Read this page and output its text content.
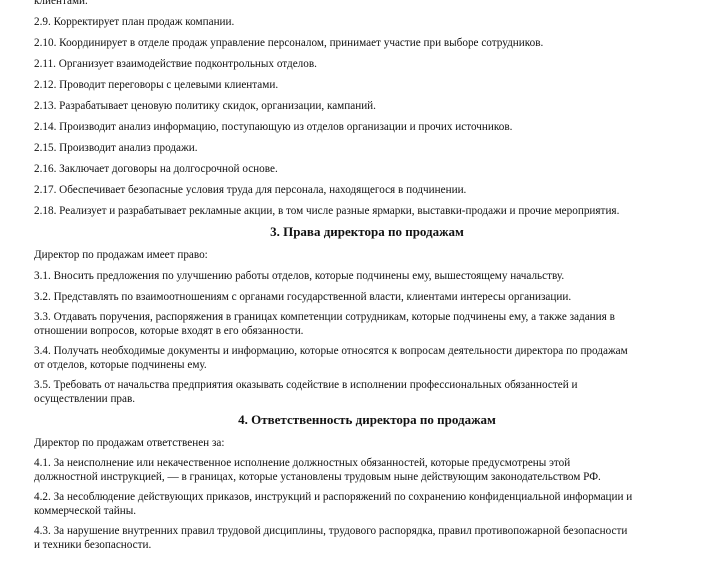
клиентами.
2.9. Корректирует план продаж компании.
2.10. Координирует в отделе продаж управление персоналом, принимает участие при выборе сотрудников.
2.11. Организует взаимодействие подконтрольных отделов.
2.12. Проводит переговоры с целевыми клиентами.
2.13. Разрабатывает ценовую политику скидок, организации, кампаний.
2.14. Производит анализ информацию, поступающую из отделов организации и прочих источников.
2.15. Производит анализ продажи.
2.16. Заключает договоры на долгосрочной основе.
2.17. Обеспечивает безопасные условия труда для персонала, находящегося в подчинении.
2.18. Реализует и разрабатывает рекламные акции, в том числе разные ярмарки, выставки-продажи и прочие мероприятия.
3. Права директора по продажам
Директор по продажам имеет право:
3.1. Вносить предложения по улучшению работы отделов, которые подчинены ему, вышестоящему начальству.
3.2. Представлять по взаимоотношениям с органами государственной власти, клиентами интересы организации.
3.3. Отдавать поручения, распоряжения в границах компетенции сотрудникам, которые подчинены ему, а также задания в
отношении вопросов, которые входят в его обязанности.
3.4. Получать необходимые документы и информацию, которые относятся к вопросам деятельности директора по продажам
от отделов, которые подчинены ему.
3.5. Требовать от начальства предприятия оказывать содействие в исполнении профессиональных обязанностей и
осуществлении прав.
4. Ответственность директора по продажам
Директор по продажам ответственен за:
4.1. За неисполнение или некачественное исполнение должностных обязанностей, которые предусмотрены этой
должностной инструкцией, — в границах, которые установлены трудовым ныне действующим законодательством РФ.
4.2. За несоблюдение действующих приказов, инструкций и распоряжений по сохранению конфиденциальной информации и
коммерческой тайны.
4.3. За нарушение внутренних правил трудовой дисциплины, трудового распорядка, правил противопожарной безопасности
и техники безопасности.
